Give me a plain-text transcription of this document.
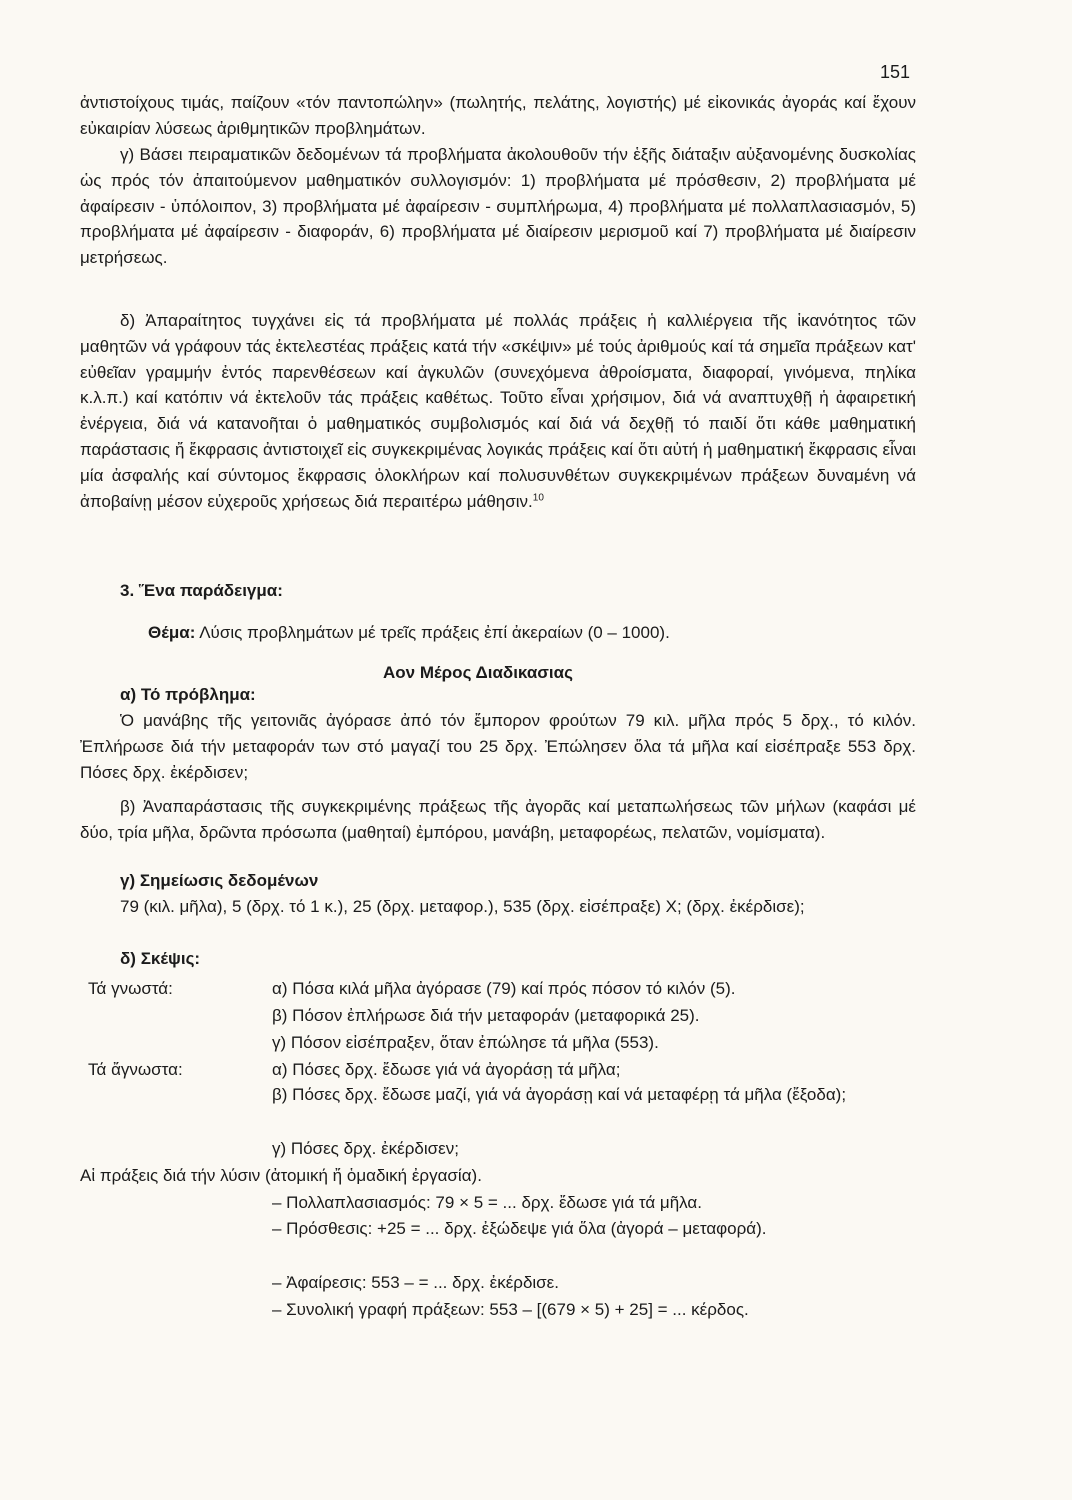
151

ἀντιστοίχους τιμάς, παίζουν «τόν παντοπώλην» (πωλητής, πελάτης, λογιστής) μέ εἰκονικάς ἀγοράς καί ἔχουν εὐκαιρίαν λύσεως ἀριθμητικῶν προβλημάτων.

γ) Βάσει πειραματικῶν δεδομένων τά προβλήματα ἀκολουθοῦν τήν ἑξῆς διάταξιν αὐξανομένης δυσκολίας ὡς πρός τόν ἀπαιτούμενον μαθηματικόν συλλογισμόν: 1) προβλήματα μέ πρόσθεσιν, 2) προβλήματα μέ ἀφαίρεσιν - ὑπόλοιπον, 3) προβλήματα μέ ἀφαίρεσιν - συμπλήρωμα, 4) προβλήματα μέ πολλαπλασιασμόν, 5) προβλήματα μέ ἀφαίρεσιν - διαφοράν, 6) προβλήματα μέ διαίρεσιν μερισμοῦ καί 7) προβλήματα μέ διαίρεσιν μετρήσεως.

δ) Ἀπαραίτητος τυγχάνει εἰς τά προβλήματα μέ πολλάς πράξεις ἡ καλλιέργεια τῆς ἱκανότητος τῶν μαθητῶν νά γράφουν τάς ἐκτελεστέας πράξεις κατά τήν «σκέψιν» μέ τούς ἀριθμούς καί τά σημεῖα πράξεων κατ' εὐθεῖαν γραμμήν ἐντός παρενθέσεων καί ἀγκυλῶν (συνεχόμενα ἀθροίσματα, διαφοραί, γινόμενα, πηλίκα κ.λ.π.) καί κατόπιν νά ἐκτελοῦν τάς πράξεις καθέτως. Τοῦτο εἶναι χρήσιμον, διά νά αναπτυχθῇ ἡ ἀφαιρετική ἐνέργεια, διά νά κατανοῆται ὁ μαθηματικός συμβολισμός καί διά νά δεχθῇ τό παιδί ὅτι κάθε μαθηματική παράστασις ἤ ἔκφρασις ἀντιστοιχεῖ εἰς συγκεκριμένας λογικάς πράξεις καί ὅτι αὐτή ἡ μαθηματική ἔκφρασις εἶναι μία ἀσφαλής καί σύντομος ἔκφρασις ὁλοκλήρων καί πολυσυνθέτων συγκεκριμένων πράξεων δυναμένη νά ἀποβαίνῃ μέσον εὐχεροῦς χρήσεως διά περαιτέρω μάθησιν.$^{10}$

3. Ἕνα παράδειγμα:
Θέμα: Λύσις προβλημάτων μέ τρεῖς πράξεις ἐπί ἀκεραίων (0 – 1000).
Αον Μέρος Διαδικασιας
α) Τό πρόβλημα:

Ὁ μανάβης τῆς γειτονιᾶς ἀγόρασε ἀπό τόν ἔμπορον φρούτων 79 κιλ. μῆλα πρός 5 δρχ., τό κιλόν. Ἐπλήρωσε διά τήν μεταφοράν των στό μαγαζί του 25 δρχ. Ἐπώλησεν ὅλα τά μῆλα καί εἰσέπραξε 553 δρχ. Πόσες δρχ. ἐκέρδισεν;

β) Ἀναπαράστασις τῆς συγκεκριμένης πράξεως τῆς ἀγορᾶς καί μεταπωλήσεως τῶν μήλων (καφάσι μέ δύο, τρία μῆλα, δρῶντα πρόσωπα (μαθηταί) ἐμπόρου, μανάβη, μεταφορέως, πελατῶν, νομίσματα).

γ) Σημείωσις δεδομένων

79 (κιλ. μῆλα), 5 (δρχ. τό 1 κ.), 25 (δρχ. μεταφορ.), 535 (δρχ. εἰσέπραξε) Χ; (δρχ. ἐκέρδισε);

δ) Σκέψις:
Τά γνωστά:	α) Πόσα κιλά μῆλα ἀγόρασε (79) καί πρός πόσον τό κιλόν (5).
β) Πόσον ἐπλήρωσε διά τήν μεταφοράν (μεταφορικά 25).
γ) Πόσον εἰσέπραξεν, ὅταν ἐπώλησε τά μῆλα (553).
Τά ἄγνωστα:	α) Πόσες δρχ. ἔδωσε γιά νά ἀγοράσῃ τά μῆλα;

β) Πόσες δρχ. ἔδωσε μαζί, γιά νά ἀγοράσῃ καί νά μεταφέρῃ τά μῆλα (ἔξοδα);

γ) Πόσες δρχ. ἐκέρδισεν;
Αἱ πράξεις διά τήν λύσιν (ἀτομική ἤ ὁμαδική ἐργασία).

– Πολλαπλασιασμός: 79 × 5 = ... δρχ. ἔδωσε γιά τά μῆλα.

– Πρόσθεσις: +25 = ... δρχ. ἐξώδεψε γιά ὅλα (ἀγορά – μεταφορά).

– Ἀφαίρεσις: 553 – = ... δρχ. ἐκέρδισε.

– Συνολική γραφή πράξεων: 553 – [(679 × 5) + 25] = ... κέρδος.
